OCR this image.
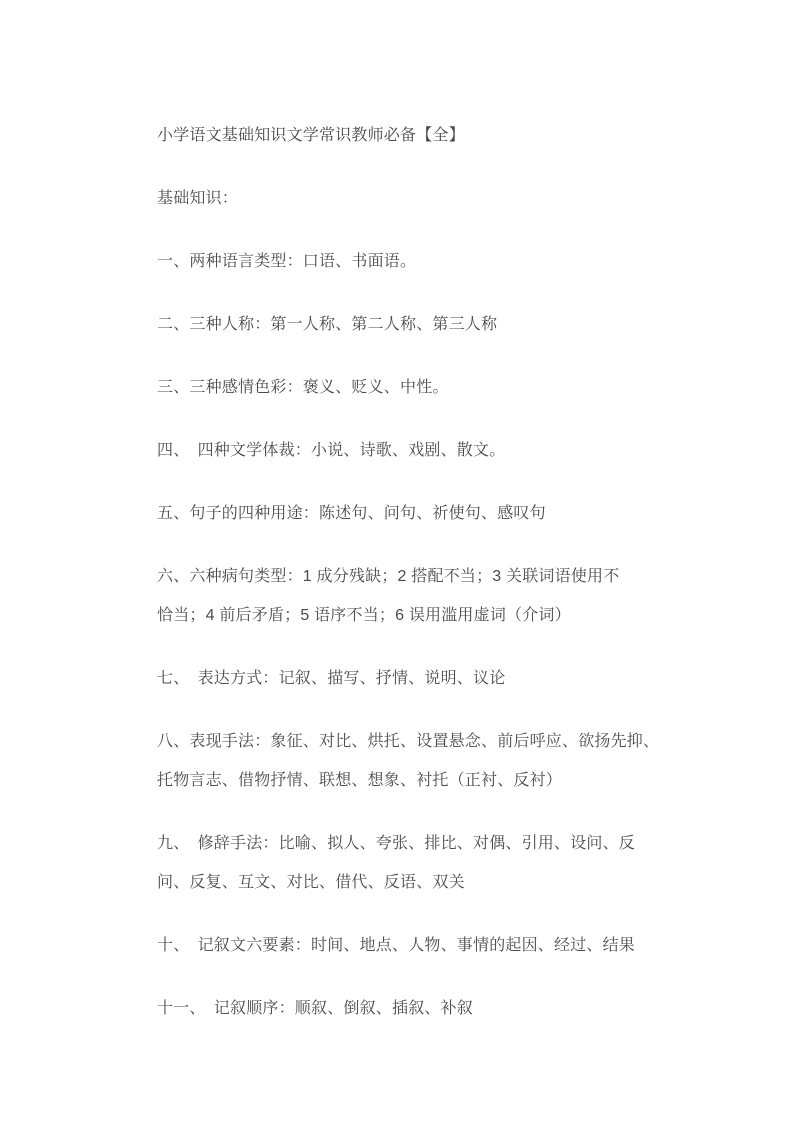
小学语文基础知识文学常识教师必备【全】
基础知识：
一、两种语言类型：口语、书面语。
二、三种人称：第一人称、第二人称、第三人称
三、三种感情色彩：褒义、贬义、中性。
四、　四种文学体裁：小说、诗歌、戏剧、散文。
五、句子的四种用途：陈述句、问句、祈使句、感叹句
六、六种病句类型：1 成分残缺；2 搭配不当；3 关联词语使用不
恰当；4 前后矛盾；5 语序不当；6 误用滥用虚词（介词）
七、　表达方式：记叙、描写、抒情、说明、议论
八、表现手法：象征、对比、烘托、设置悬念、前后呼应、欲扬先抑、
托物言志、借物抒情、联想、想象、衬托（正衬、反衬）
九、　修辞手法：比喻、拟人、夸张、排比、对偶、引用、设问、反
问、反复、互文、对比、借代、反语、双关
十、　记叙文六要素：时间、地点、人物、事情的起因、经过、结果
十一、　记叙顺序：顺叙、倒叙、插叙、补叙
